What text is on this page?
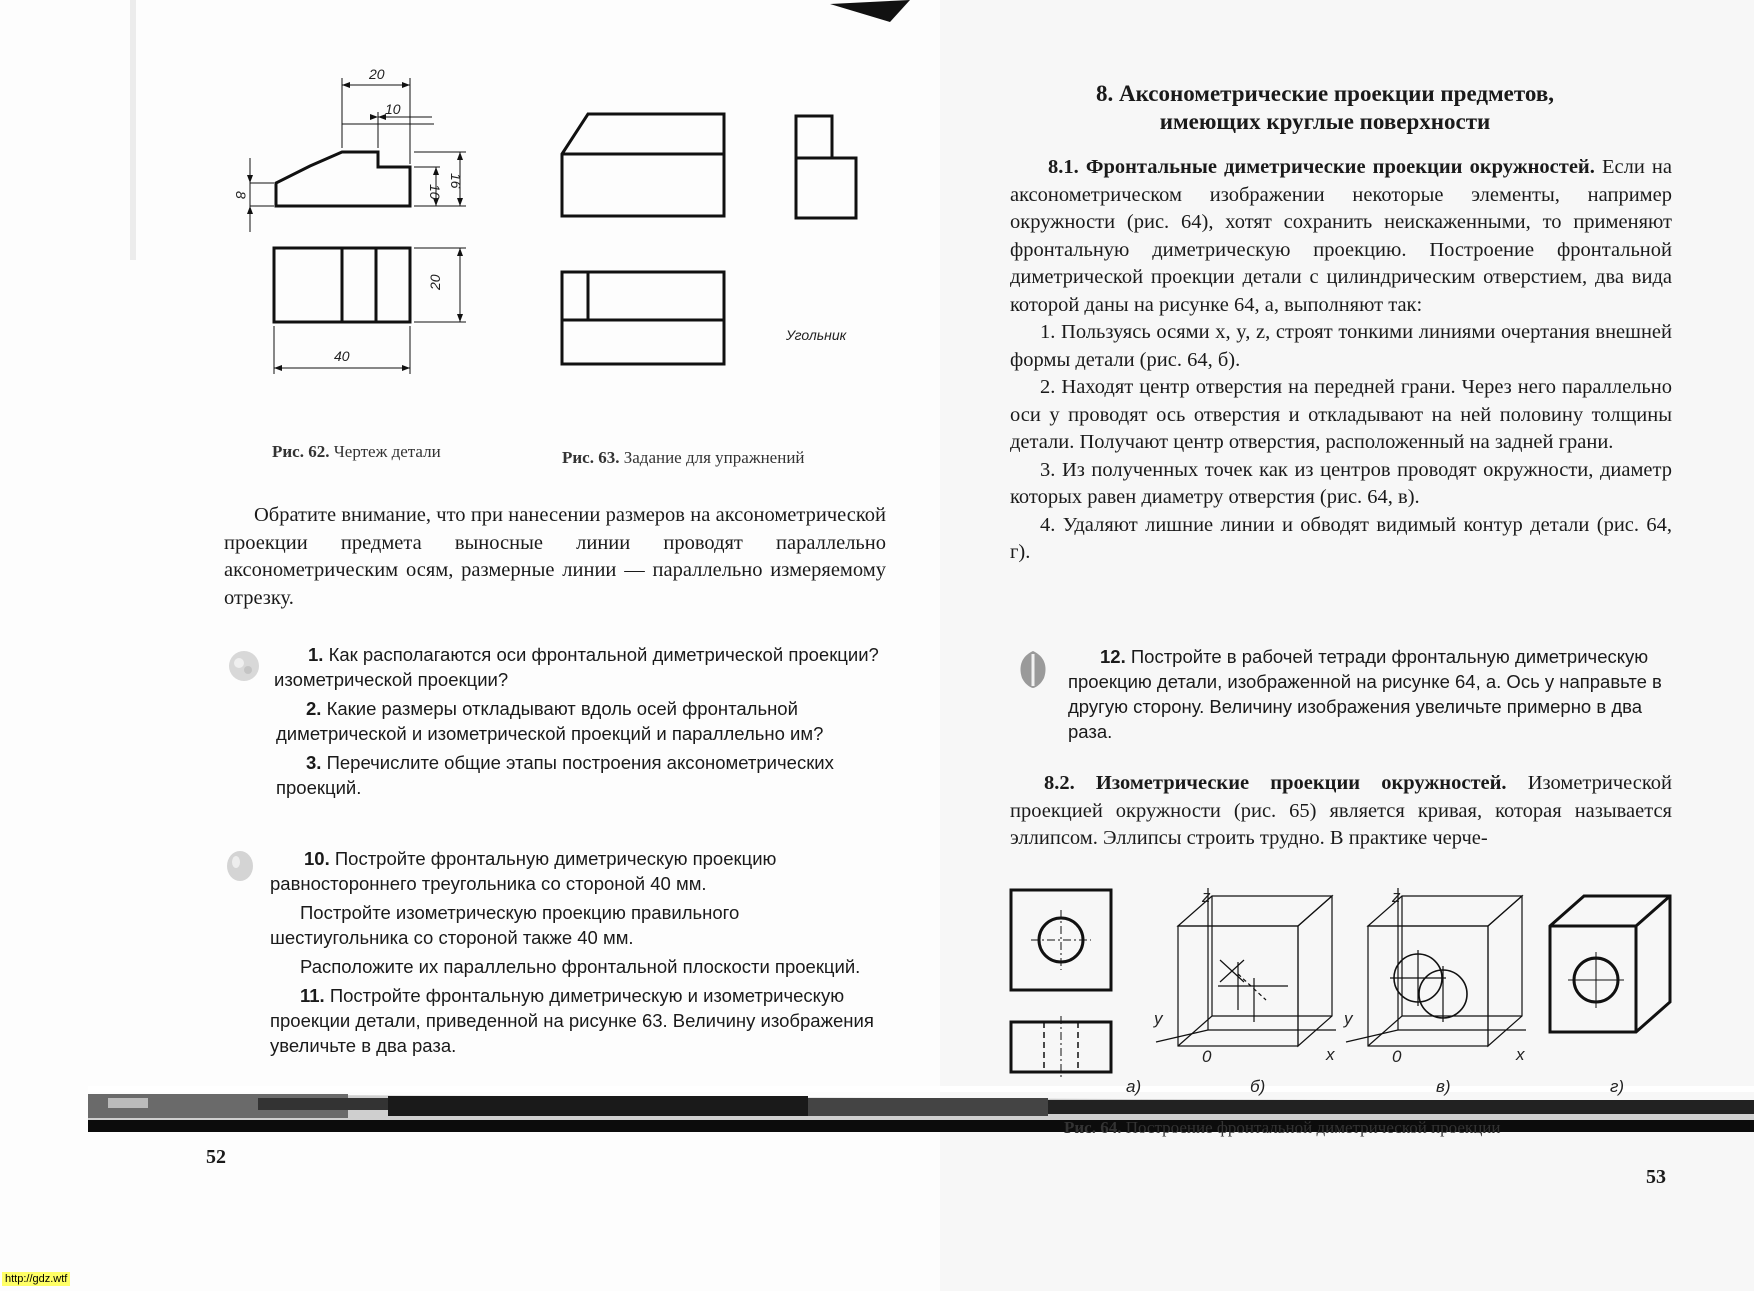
20
10
8	10
16
20
40
Угольник
Рис. 62. Чертеж детали	Рис. 63. Задание для упражнений

Обратите внимание, что при нанесении размеров на аксонометрической проекции предмета выносные линии проводят параллельно аксонометрическим осям, размерные линии — параллельно измеряемому отрезку.

1. Как располагаются оси фронтальной диметрической проекции? изометрической проекции?

2. Какие размеры откладывают вдоль осей фронтальной диметрической и изометрической проекций и параллельно им?

3. Перечислите общие этапы построения аксонометрических проекций.

10. Постройте фронтальную диметрическую проекцию равностороннего треугольника со стороной 40 мм.

Постройте изометрическую проекцию правильного шестиугольника со стороной также 40 мм.

Расположите их параллельно фронтальной плоскости проекций.

11. Постройте фронтальную диметрическую и изометрическую проекции детали, приведенной на рисунке 63. Величину изображения увеличьте в два раза.

52
8. Аксонометрические проекции предметов,
имеющих круглые поверхности

8.1. Фронтальные диметрические проекции окружностей. Если на аксонометрическом изображении некоторые элементы, например окружности (рис. 64), хотят сохранить неискаженными, то применяют фронтальную диметрическую проекцию. Построение фронтальной диметрической проекции детали с цилиндрическим отверстием, два вида которой даны на рисунке 64, а, выполняют так:

1. Пользуясь осями x, y, z, строят тонкими линиями очертания внешней формы детали (рис. 64, б).

2. Находят центр отверстия на передней грани. Через него параллельно оси y проводят ось отверстия и откладывают на ней половину толщины детали. Получают центр отверстия, расположенный на задней грани.

3. Из полученных точек как из центров проводят окружности, диаметр которых равен диаметру отверстия (рис. 64, в).

4. Удаляют лишние линии и обводят видимый контур детали (рис. 64, г).

12. Постройте в рабочей тетради фронтальную диметрическую проекцию детали, изображенной на рисунке 64, а. Ось y направьте в другую сторону. Величину изображения увеличьте примерно в два раза.

8.2. Изометрические проекции окружностей. Изометрической проекцией окружности (рис. 65) является кривая, которая называется эллипсом. Эллипсы строить трудно. В практике черче-

z
y
0	x
z
y
0	x
а)	б)	в)	г)
Рис. 64. Построение фронтальной диметрической проекции
53
http://gdz.wtf
